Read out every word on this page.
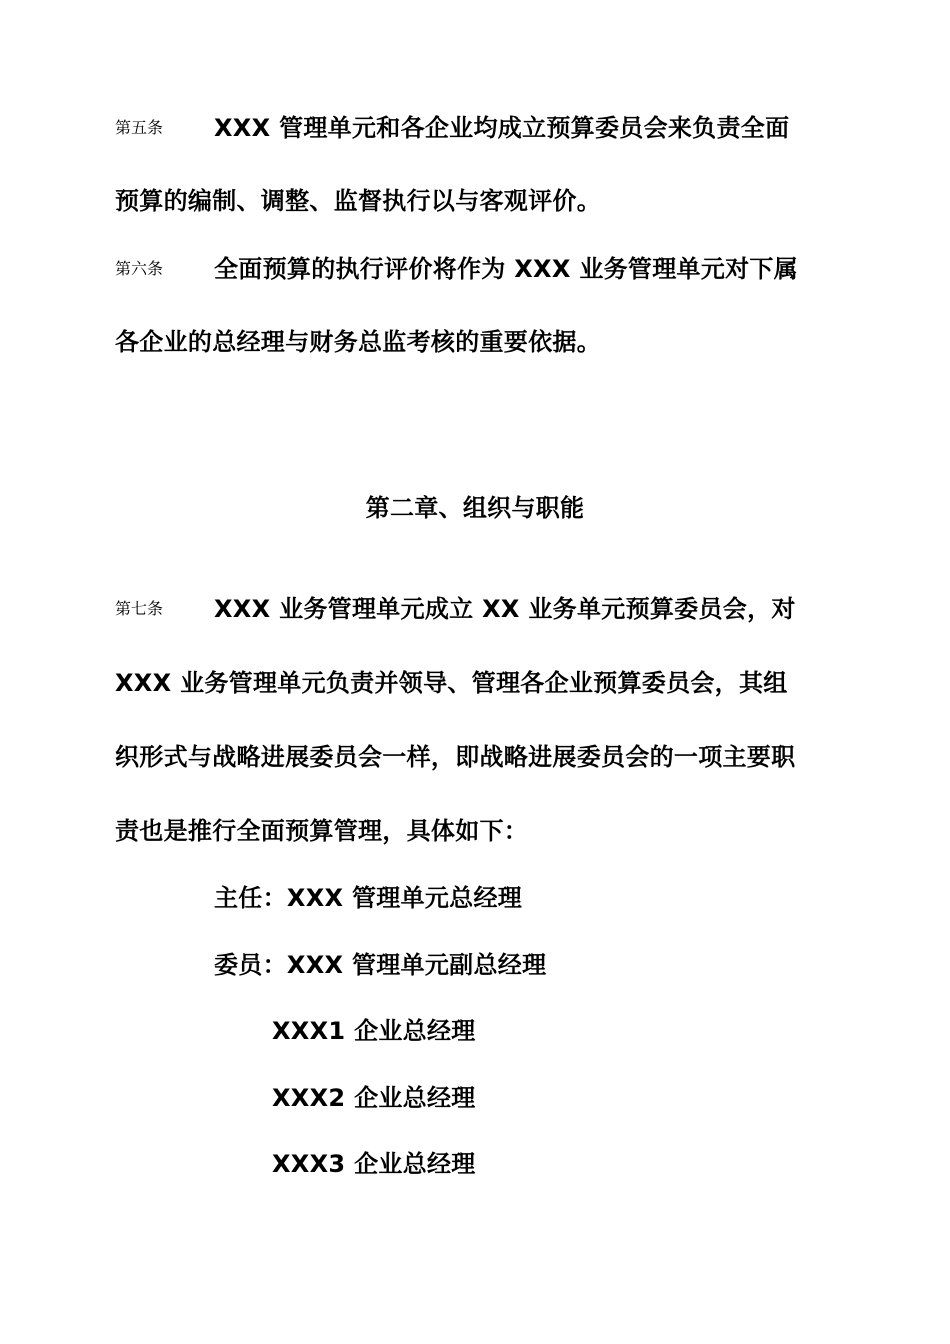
第五条 XXX 管理单元和各企业均成立预算委员会来负责全面
预算的编制、调整、监督执行以与客观评价。
第六条 全面预算的执行评价将作为 XXX 业务管理单元对下属
各企业的总经理与财务总监考核的重要依据。
第二章、组织与职能
第七条 XXX 业务管理单元成立 XX 业务单元预算委员会，对
XXX 业务管理单元负责并领导、管理各企业预算委员会，其组
织形式与战略进展委员会一样，即战略进展委员会的一项主要职
责也是推行全面预算管理，具体如下：
主任：XXX 管理单元总经理
委员：XXX 管理单元副总经理
XXX1 企业总经理
XXX2 企业总经理
XXX3 企业总经理
